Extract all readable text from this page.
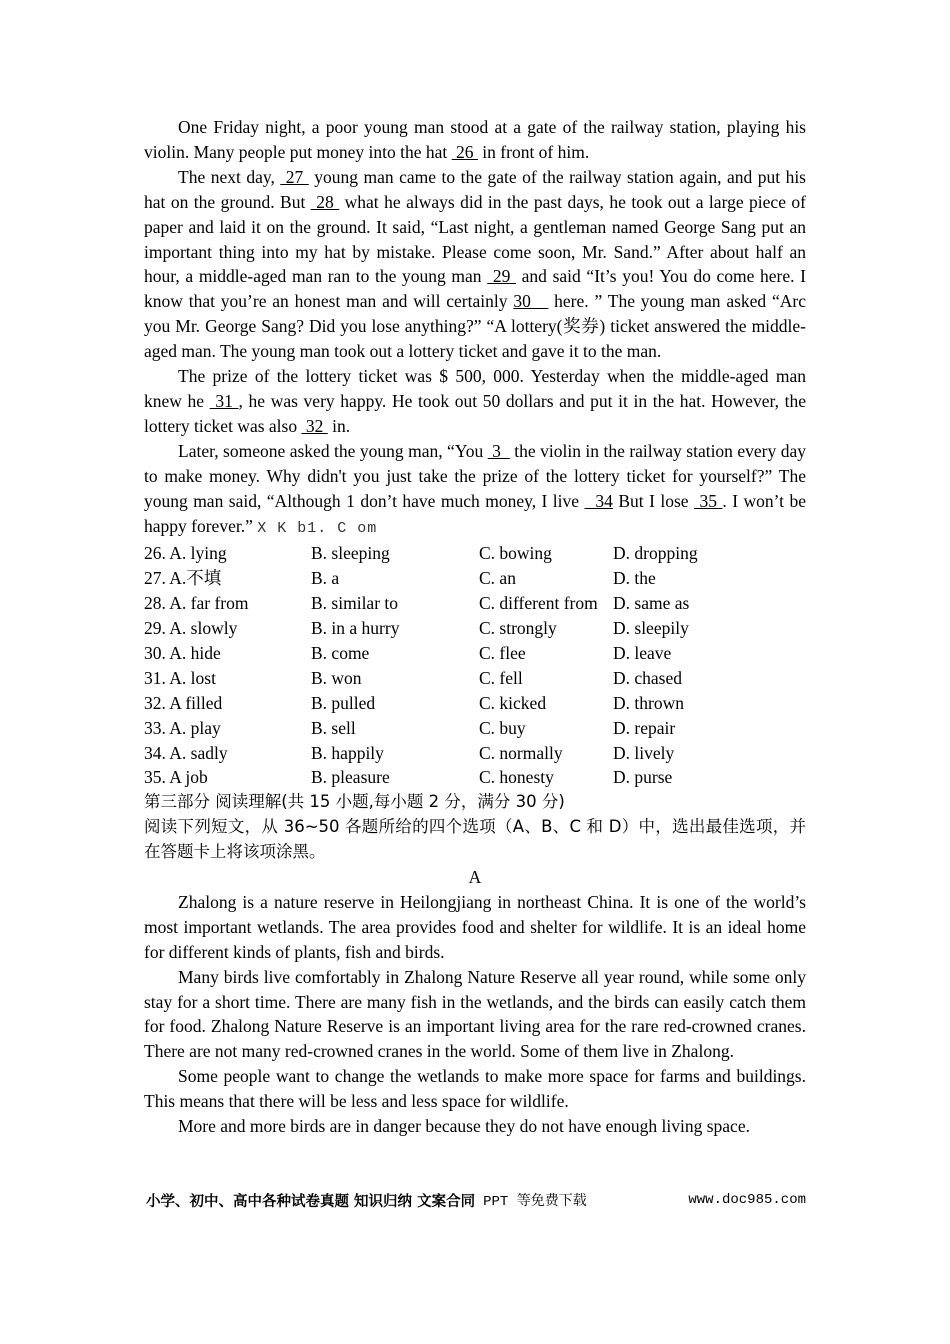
One Friday night, a poor young man stood at a gate of the railway station, playing his violin. Many people put money into the hat  26  in front of him.

The next day,  27  young man came to the gate of the railway station again, and put his hat on the ground. But  28  what he always did in the past days, he took out a large piece of paper and laid it on the ground. It said, “Last night, a gentleman named George Sang put an important thing into my hat by mistake. Please come soon, Mr. Sand.” After about half an hour, a middle-aged man ran to the young man  29  and said “It’s you! You do come here. I know that you’re an honest man and will certainly 30    here. ” The young man asked “Arc you Mr. George Sang? Did you lose anything?” “A lottery(奖券) ticket answered the middle-aged man. The young man took out a lottery ticket and gave it to the man.

The prize of the lottery ticket was $ 500, 000. Yesterday when the middle-aged man knew he  31 , he was very happy. He took out 50 dollars and put it in the hat. However, the lottery ticket was also  32  in.

Later, someone asked the young man, “You  3   the violin in the railway station every day to make money. Why didn't you just take the prize of the lottery ticket for yourself?” The young man said, “Although 1 don’t have much money, I live   34 But I lose  35 . I won’t be happy forever.” X K b1. C om

26. A. lying	B. sleeping	C. bowing	D. dropping
27. A.不填	B. a	C. an	D. the
28. A. far from	B. similar to	C. different from D. same as
29. A. slowly	B. in a hurry	C. strongly	D. sleepily
30. A. hide	B. come	C. flee	D. leave
31. A. lost	B. won	C. fell	D. chased
32. A filled	B. pulled	C. kicked	D. thrown
33. A. play	B. sell	C. buy	D. repair
34. A. sadly	B. happily	C. normally	D. lively
35. A job	B. pleasure	C. honesty	D. purse

第三部分 阅读理解(共 15 小题,每小题 2 分，满分 30 分)

阅读下列短文，从 36~50 各题所给的四个选项（A、B、C 和 D）中，选出最佳选项，并在答题卡上将该项涂黑。

A

Zhalong is a nature reserve in Heilongjiang in northeast China. It is one of the world’s most important wetlands. The area provides food and shelter for wildlife. It is an ideal home for different kinds of plants, fish and birds.

Many birds live comfortably in Zhalong Nature Reserve all year round, while some only stay for a short time. There are many fish in the wetlands, and the birds can easily catch them for food. Zhalong Nature Reserve is an important living area for the rare red-crowned cranes. There are not many red-crowned cranes in the world. Some of them live in Zhalong.

Some people want to change the wetlands to make more space for farms and buildings. This means that there will be less and less space for wildlife.

More and more birds are in danger because they do not have enough living space.

小学、初中、高中各种试卷真题 知识归纳 文案合同 PPT 等免费下载	www.doc985.com
